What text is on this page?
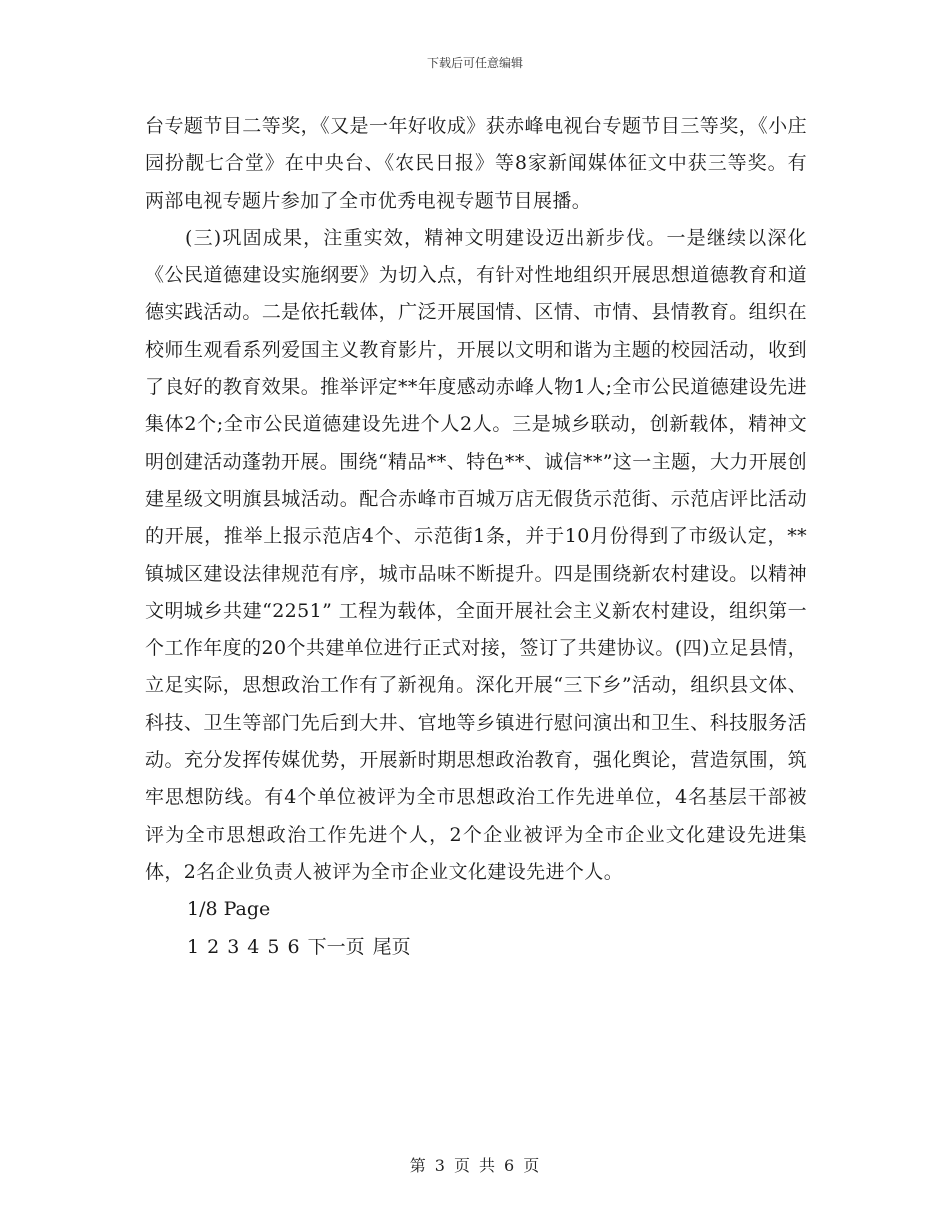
下载后可任意编辑

台专题节目二等奖，《又是一年好收成》获赤峰电视台专题节目三等奖，《小庄园扮靓七合堂》在中央台、《农民日报》等8家新闻媒体征文中获三等奖。有两部电视专题片参加了全市优秀电视专题节目展播。

(三)巩固成果，注重实效，精神文明建设迈出新步伐。一是继续以深化《公民道德建设实施纲要》为切入点，有针对性地组织开展思想道德教育和道德实践活动。二是依托载体，广泛开展国情、区情、市情、县情教育。组织在校师生观看系列爱国主义教育影片，开展以文明和谐为主题的校园活动，收到了良好的教育效果。推举评定**年度感动赤峰人物1人;全市公民道德建设先进集体2个;全市公民道德建设先进个人2人。三是城乡联动，创新载体，精神文明创建活动蓬勃开展。围绕“精品**、特色**、诚信**”这一主题，大力开展创建星级文明旗县城活动。配合赤峰市百城万店无假货示范街、示范店评比活动的开展，推举上报示范店4个、示范街1条，并于10月份得到了市级认定，**镇城区建设法律规范有序，城市品味不断提升。四是围绕新农村建设。以精神文明城乡共建“2251” 工程为载体，全面开展社会主义新农村建设，组织第一个工作年度的20个共建单位进行正式对接，签订了共建协议。(四)立足县情，立足实际，思想政治工作有了新视角。深化开展“三下乡”活动，组织县文体、科技、卫生等部门先后到大井、官地等乡镇进行慰问演出和卫生、科技服务活动。充分发挥传媒优势，开展新时期思想政治教育，强化舆论，营造氛围，筑牢思想防线。有4个单位被评为全市思想政治工作先进单位，4名基层干部被评为全市思想政治工作先进个人，2个企业被评为全市企业文化建设先进集体，2名企业负责人被评为全市企业文化建设先进个人。

1/8 Page

1 2 3 4 5 6 下一页 尾页

第 3 页 共 6 页
